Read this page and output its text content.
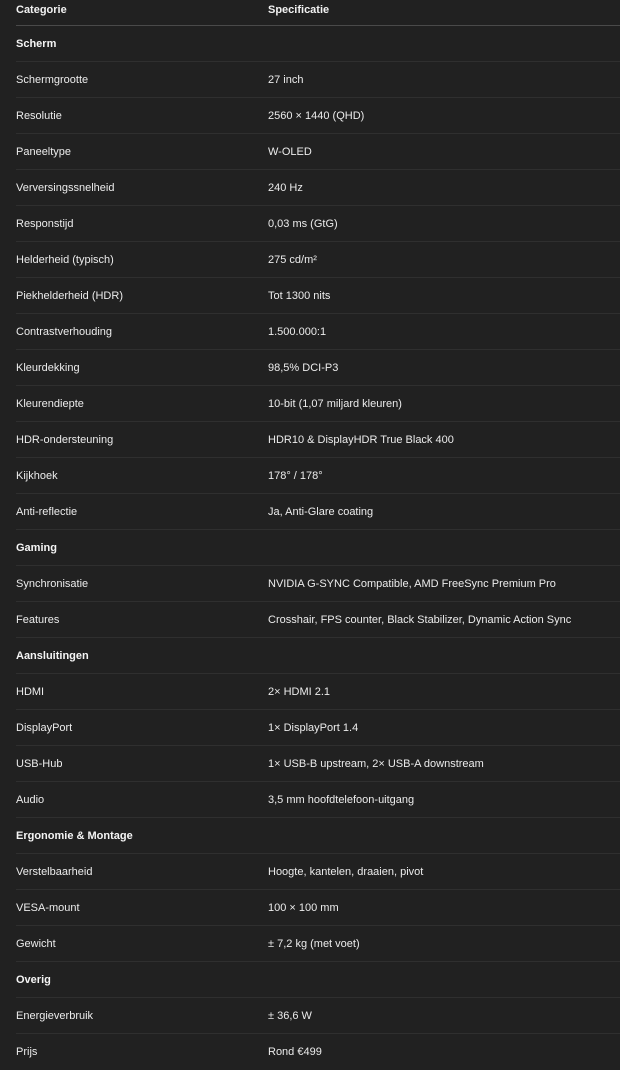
Categorie	Specificatie
Scherm
Schermgrootte	27 inch
Resolutie	2560 × 1440 (QHD)
Paneeltype	W-OLED
Verversingssnelheid	240 Hz
Responstijd	0,03 ms (GtG)
Helderheid (typisch)	275 cd/m²
Piekhelderheid (HDR)	Tot 1300 nits
Contrastverhouding	1.500.000:1
Kleurdekking	98,5% DCI-P3
Kleurendiepte	10-bit (1,07 miljard kleuren)
HDR-ondersteuning	HDR10 & DisplayHDR True Black 400
Kijkhoek	178° / 178°
Anti-reflectie	Ja, Anti-Glare coating
Gaming
Synchronisatie	NVIDIA G-SYNC Compatible, AMD FreeSync Premium Pro
Features	Crosshair, FPS counter, Black Stabilizer, Dynamic Action Sync
Aansluitingen
HDMI	2× HDMI 2.1
DisplayPort	1× DisplayPort 1.4
USB-Hub	1× USB-B upstream, 2× USB-A downstream
Audio	3,5 mm hoofdtelefoon-uitgang
Ergonomie & Montage
Verstelbaarheid	Hoogte, kantelen, draaien, pivot
VESA-mount	100 × 100 mm
Gewicht	± 7,2 kg (met voet)
Overig
Energieverbruik	± 36,6 W
Prijs	Rond €499
